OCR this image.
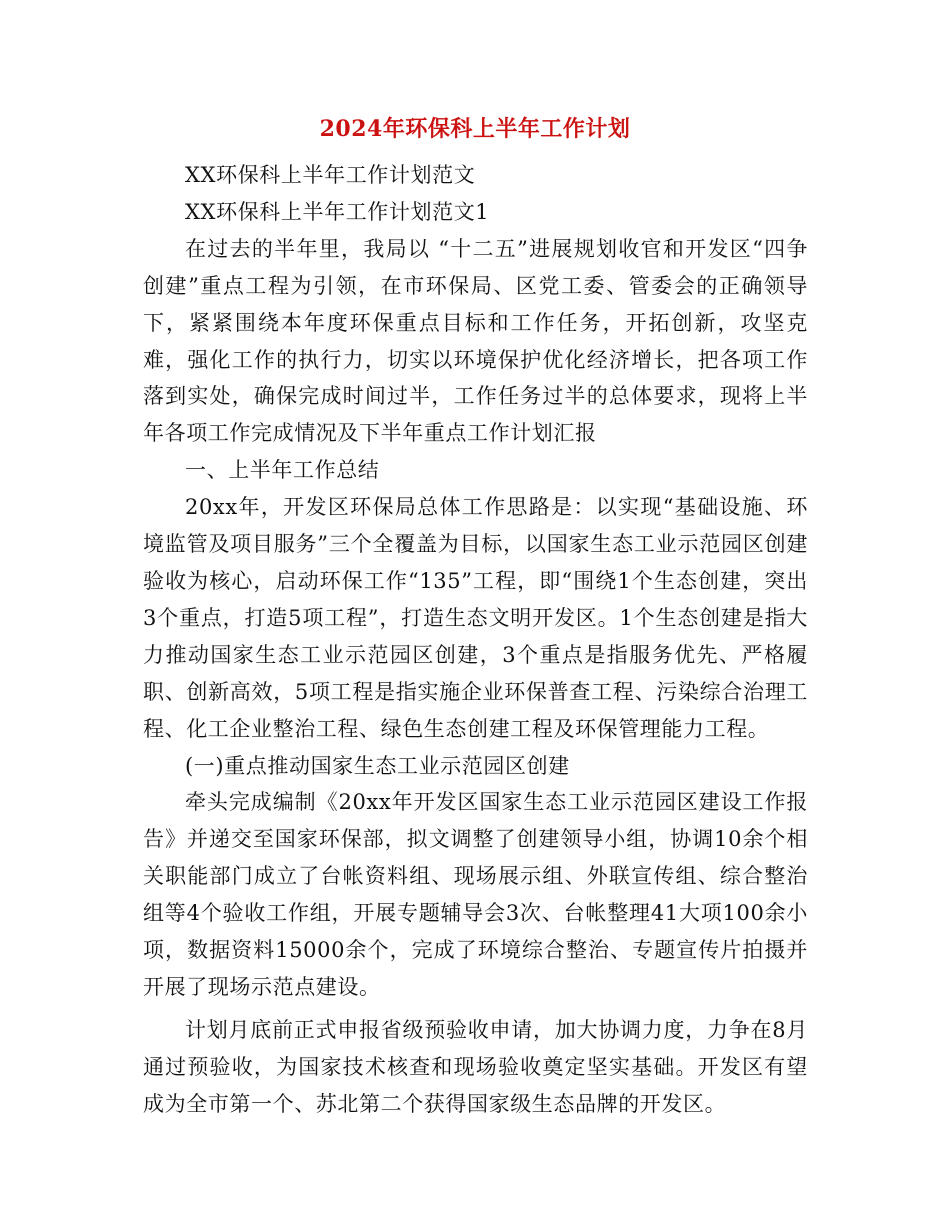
2024年环保科上半年工作计划

XX环保科上半年工作计划范文

XX环保科上半年工作计划范文1

在过去的半年里，我局以 “十二五”进展规划收官和开发区“四争创建”重点工程为引领，在市环保局、区党工委、管委会的正确领导下，紧紧围绕本年度环保重点目标和工作任务，开拓创新，攻坚克难，强化工作的执行力，切实以环境保护优化经济增长，把各项工作落到实处，确保完成时间过半，工作任务过半的总体要求，现将上半年各项工作完成情况及下半年重点工作计划汇报

一、上半年工作总结

20xx年，开发区环保局总体工作思路是：以实现“基础设施、环境监管及项目服务”三个全覆盖为目标，以国家生态工业示范园区创建验收为核心，启动环保工作“135”工程，即“围绕1个生态创建，突出3个重点，打造5项工程”，打造生态文明开发区。1个生态创建是指大力推动国家生态工业示范园区创建，3个重点是指服务优先、严格履职、创新高效，5项工程是指实施企业环保普查工程、污染综合治理工程、化工企业整治工程、绿色生态创建工程及环保管理能力工程。

(一)重点推动国家生态工业示范园区创建

牵头完成编制《20xx年开发区国家生态工业示范园区建设工作报告》并递交至国家环保部，拟文调整了创建领导小组，协调10余个相关职能部门成立了台帐资料组、现场展示组、外联宣传组、综合整治组等4个验收工作组，开展专题辅导会3次、台帐整理41大项100余小项，数据资料15000余个，完成了环境综合整治、专题宣传片拍摄并开展了现场示范点建设。

计划月底前正式申报省级预验收申请，加大协调力度，力争在8月通过预验收，为国家技术核查和现场验收奠定坚实基础。开发区有望成为全市第一个、苏北第二个获得国家级生态品牌的开发区。
